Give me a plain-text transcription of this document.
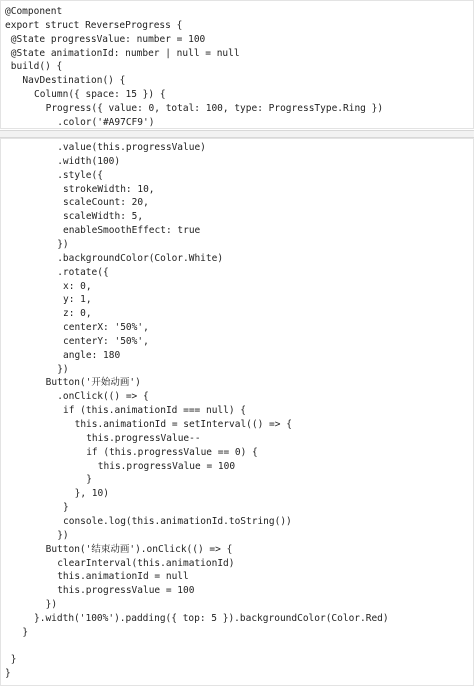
@Component
export struct ReverseProgress {
@State progressValue: number = 100
@State animationId: number | null = null
build() {
NavDestination() {
Column({ space: 15 }) {
Progress({ value: 0, total: 100, type: ProgressType.Ring })
.color('#A97CF9')
.value(this.progressValue)
.width(100)
.style({
strokeWidth: 10,
scaleCount: 20,
scaleWidth: 5,
enableSmoothEffect: true
})
.backgroundColor(Color.White)
.rotate({
x: 0,
y: 1,
z: 0,
centerX: '50%',
centerY: '50%',
angle: 180
})
Button('开始动画')
.onClick(() => {
if (this.animationId === null) {
this.animationId = setInterval(() => {
this.progressValue--
if (this.progressValue == 0) {
this.progressValue = 100
}
}, 10)
}
console.log(this.animationId.toString())
})
Button('结束动画').onClick(() => {
clearInterval(this.animationId)
this.animationId = null
this.progressValue = 100
})
}.width('100%').padding({ top: 5 }).backgroundColor(Color.Red)
}
}
}
